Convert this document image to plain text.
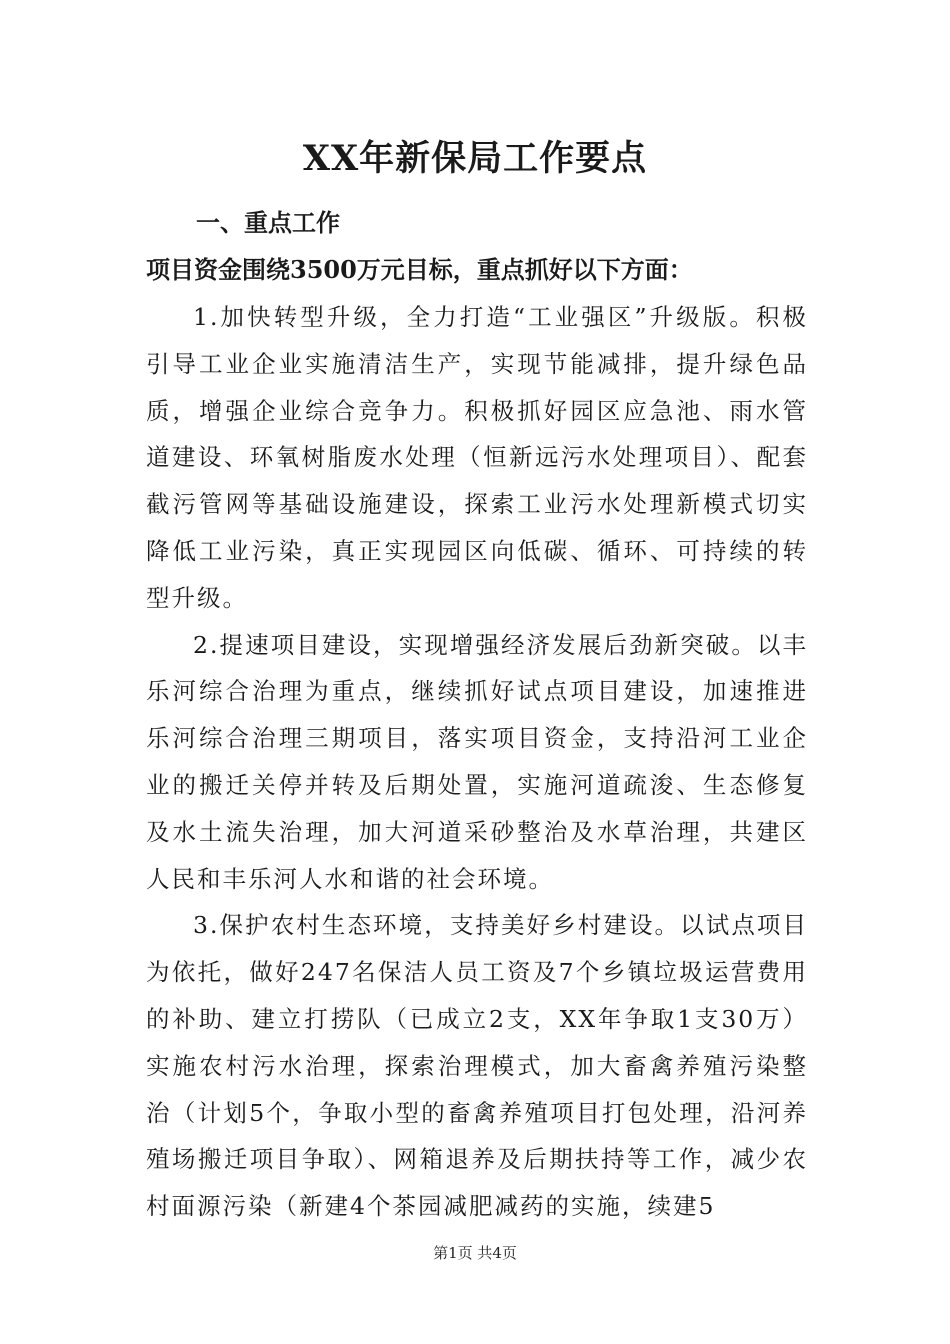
XX年新保局工作要点
一、重点工作
项目资金围绕3500万元目标，重点抓好以下方面：

1.加快转型升级，全力打造“工业强区”升级版。积极引导工业企业实施清洁生产，实现节能减排，提升绿色品质，增强企业综合竞争力。积极抓好园区应急池、雨水管道建设、环氧树脂废水处理（恒新远污水处理项目）、配套截污管网等基础设施建设，探索工业污水处理新模式切实降低工业污染，真正实现园区向低碳、循环、可持续的转型升级。

2.提速项目建设，实现增强经济发展后劲新突破。以丰乐河综合治理为重点，继续抓好试点项目建设，加速推进乐河综合治理三期项目，落实项目资金，支持沿河工业企业的搬迁关停并转及后期处置，实施河道疏浚、生态修复及水土流失治理，加大河道采砂整治及水草治理，共建区人民和丰乐河人水和谐的社会环境。

3.保护农村生态环境，支持美好乡村建设。以试点项目为依托，做好247名保洁人员工资及7个乡镇垃圾运营费用的补助、建立打捞队（已成立2支，XX年争取1支30万）实施农村污水治理，探索治理模式，加大畜禽养殖污染整治（计划5个，争取小型的畜禽养殖项目打包处理，沿河养殖场搬迁项目争取）、网箱退养及后期扶持等工作，减少农村面源污染（新建4个茶园减肥减药的实施，续建5

第1页 共4页
